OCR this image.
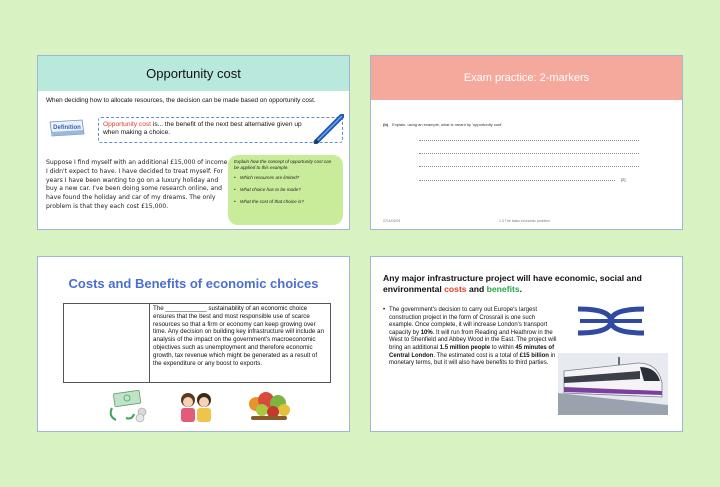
Opportunity cost
When deciding how to allocate resources, the decision can be made based on opportunity cost.
Definition	Opportunity cost is... the benefit of the next best alternative given up when making a choice.
Suppose I find myself with an additional £15,000 of income I didn't expect to have. I have decided to treat myself. For years I have been wanting to go on a luxury holiday and buy a new car. I've been doing some research online, and have found the holiday and car of my dreams. The only problem is that they each cost £15,000.
Explain how the concept of opportunity cost can be applied to this example.
• Which resources are limited?
• What choice has to be made?
• What the cost of that choice is?
Exam practice: 2-markers
(b) Explain, using an example, what is meant by 'opportunity cost'.
[2]
0711/02/03	1.3 The basic economic problem
Costs and Benefits of economic choices
The ____________ sustainability of an economic choice ensures that the best and most responsible use of scarce resources so that a firm or economy can keep growing over time. Any decision on building key infrastructure will include an analysis of the impact on the government's macroeconomic objectives such as unemployment and therefore economic growth, tax revenue which might be generated as a result of the expenditure or any boost to exports.
Any major infrastructure project will have economic, social and environmental costs and benefits.
• The government's decision to carry out Europe's largest construction project in the form of Crossrail is one such example. Once complete, it will increase London's transport capacity by 10%. It will run from Reading and Heathrow in the West to Shenfield and Abbey Wood in the East. The project will bring an additional 1.5 million people to within 45 minutes of Central London. The estimated cost is a total of £15 billion in monetary terms, but it will also have benefits to third parties.
